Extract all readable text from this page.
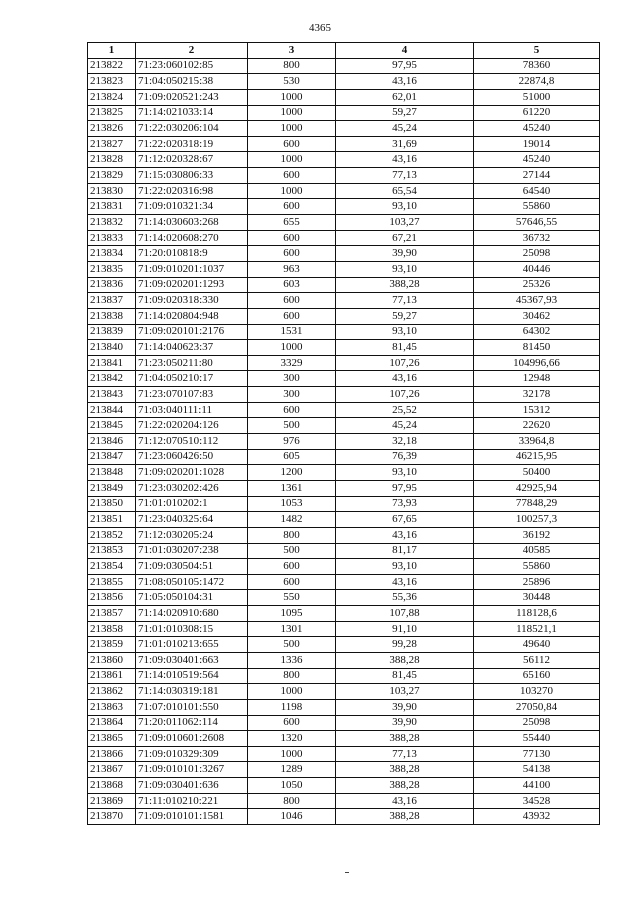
4365
1	2	3	4	5
213822	71:23:060102:85	800	97,95	78360
213823	71:04:050215:38	530	43,16	22874,8
213824	71:09:020521:243	1000	62,01	51000
213825	71:14:021033:14	1000	59,27	61220
213826	71:22:030206:104	1000	45,24	45240
213827	71:22:020318:19	600	31,69	19014
213828	71:12:020328:67	1000	43,16	45240
213829	71:15:030806:33	600	77,13	27144
213830	71:22:020316:98	1000	65,54	64540
213831	71:09:010321:34	600	93,10	55860
213832	71:14:030603:268	655	103,27	57646,55
213833	71:14:020608:270	600	67,21	36732
213834	71:20:010818:9	600	39,90	25098
213835	71:09:010201:1037	963	93,10	40446
213836	71:09:020201:1293	603	388,28	25326
213837	71:09:020318:330	600	77,13	45367,93
213838	71:14:020804:948	600	59,27	30462
213839	71:09:020101:2176	1531	93,10	64302
213840	71:14:040623:37	1000	81,45	81450
213841	71:23:050211:80	3329	107,26	104996,66
213842	71:04:050210:17	300	43,16	12948
213843	71:23:070107:83	300	107,26	32178
213844	71:03:040111:11	600	25,52	15312
213845	71:22:020204:126	500	45,24	22620
213846	71:12:070510:112	976	32,18	33964,8
213847	71:23:060426:50	605	76,39	46215,95
213848	71:09:020201:1028	1200	93,10	50400
213849	71:23:030202:426	1361	97,95	42925,94
213850	71:01:010202:1	1053	73,93	77848,29
213851	71:23:040325:64	1482	67,65	100257,3
213852	71:12:030205:24	800	43,16	36192
213853	71:01:030207:238	500	81,17	40585
213854	71:09:030504:51	600	93,10	55860
213855	71:08:050105:1472	600	43,16	25896
213856	71:05:050104:31	550	55,36	30448
213857	71:14:020910:680	1095	107,88	118128,6
213858	71:01:010308:15	1301	91,10	118521,1
213859	71:01:010213:655	500	99,28	49640
213860	71:09:030401:663	1336	388,28	56112
213861	71:14:010519:564	800	81,45	65160
213862	71:14:030319:181	1000	103,27	103270
213863	71:07:010101:550	1198	39,90	27050,84
213864	71:20:011062:114	600	39,90	25098
213865	71:09:010601:2608	1320	388,28	55440
213866	71:09:010329:309	1000	77,13	77130
213867	71:09:010101:3267	1289	388,28	54138
213868	71:09:030401:636	1050	388,28	44100
213869	71:11:010210:221	800	43,16	34528
213870	71:09:010101:1581	1046	388,28	43932
